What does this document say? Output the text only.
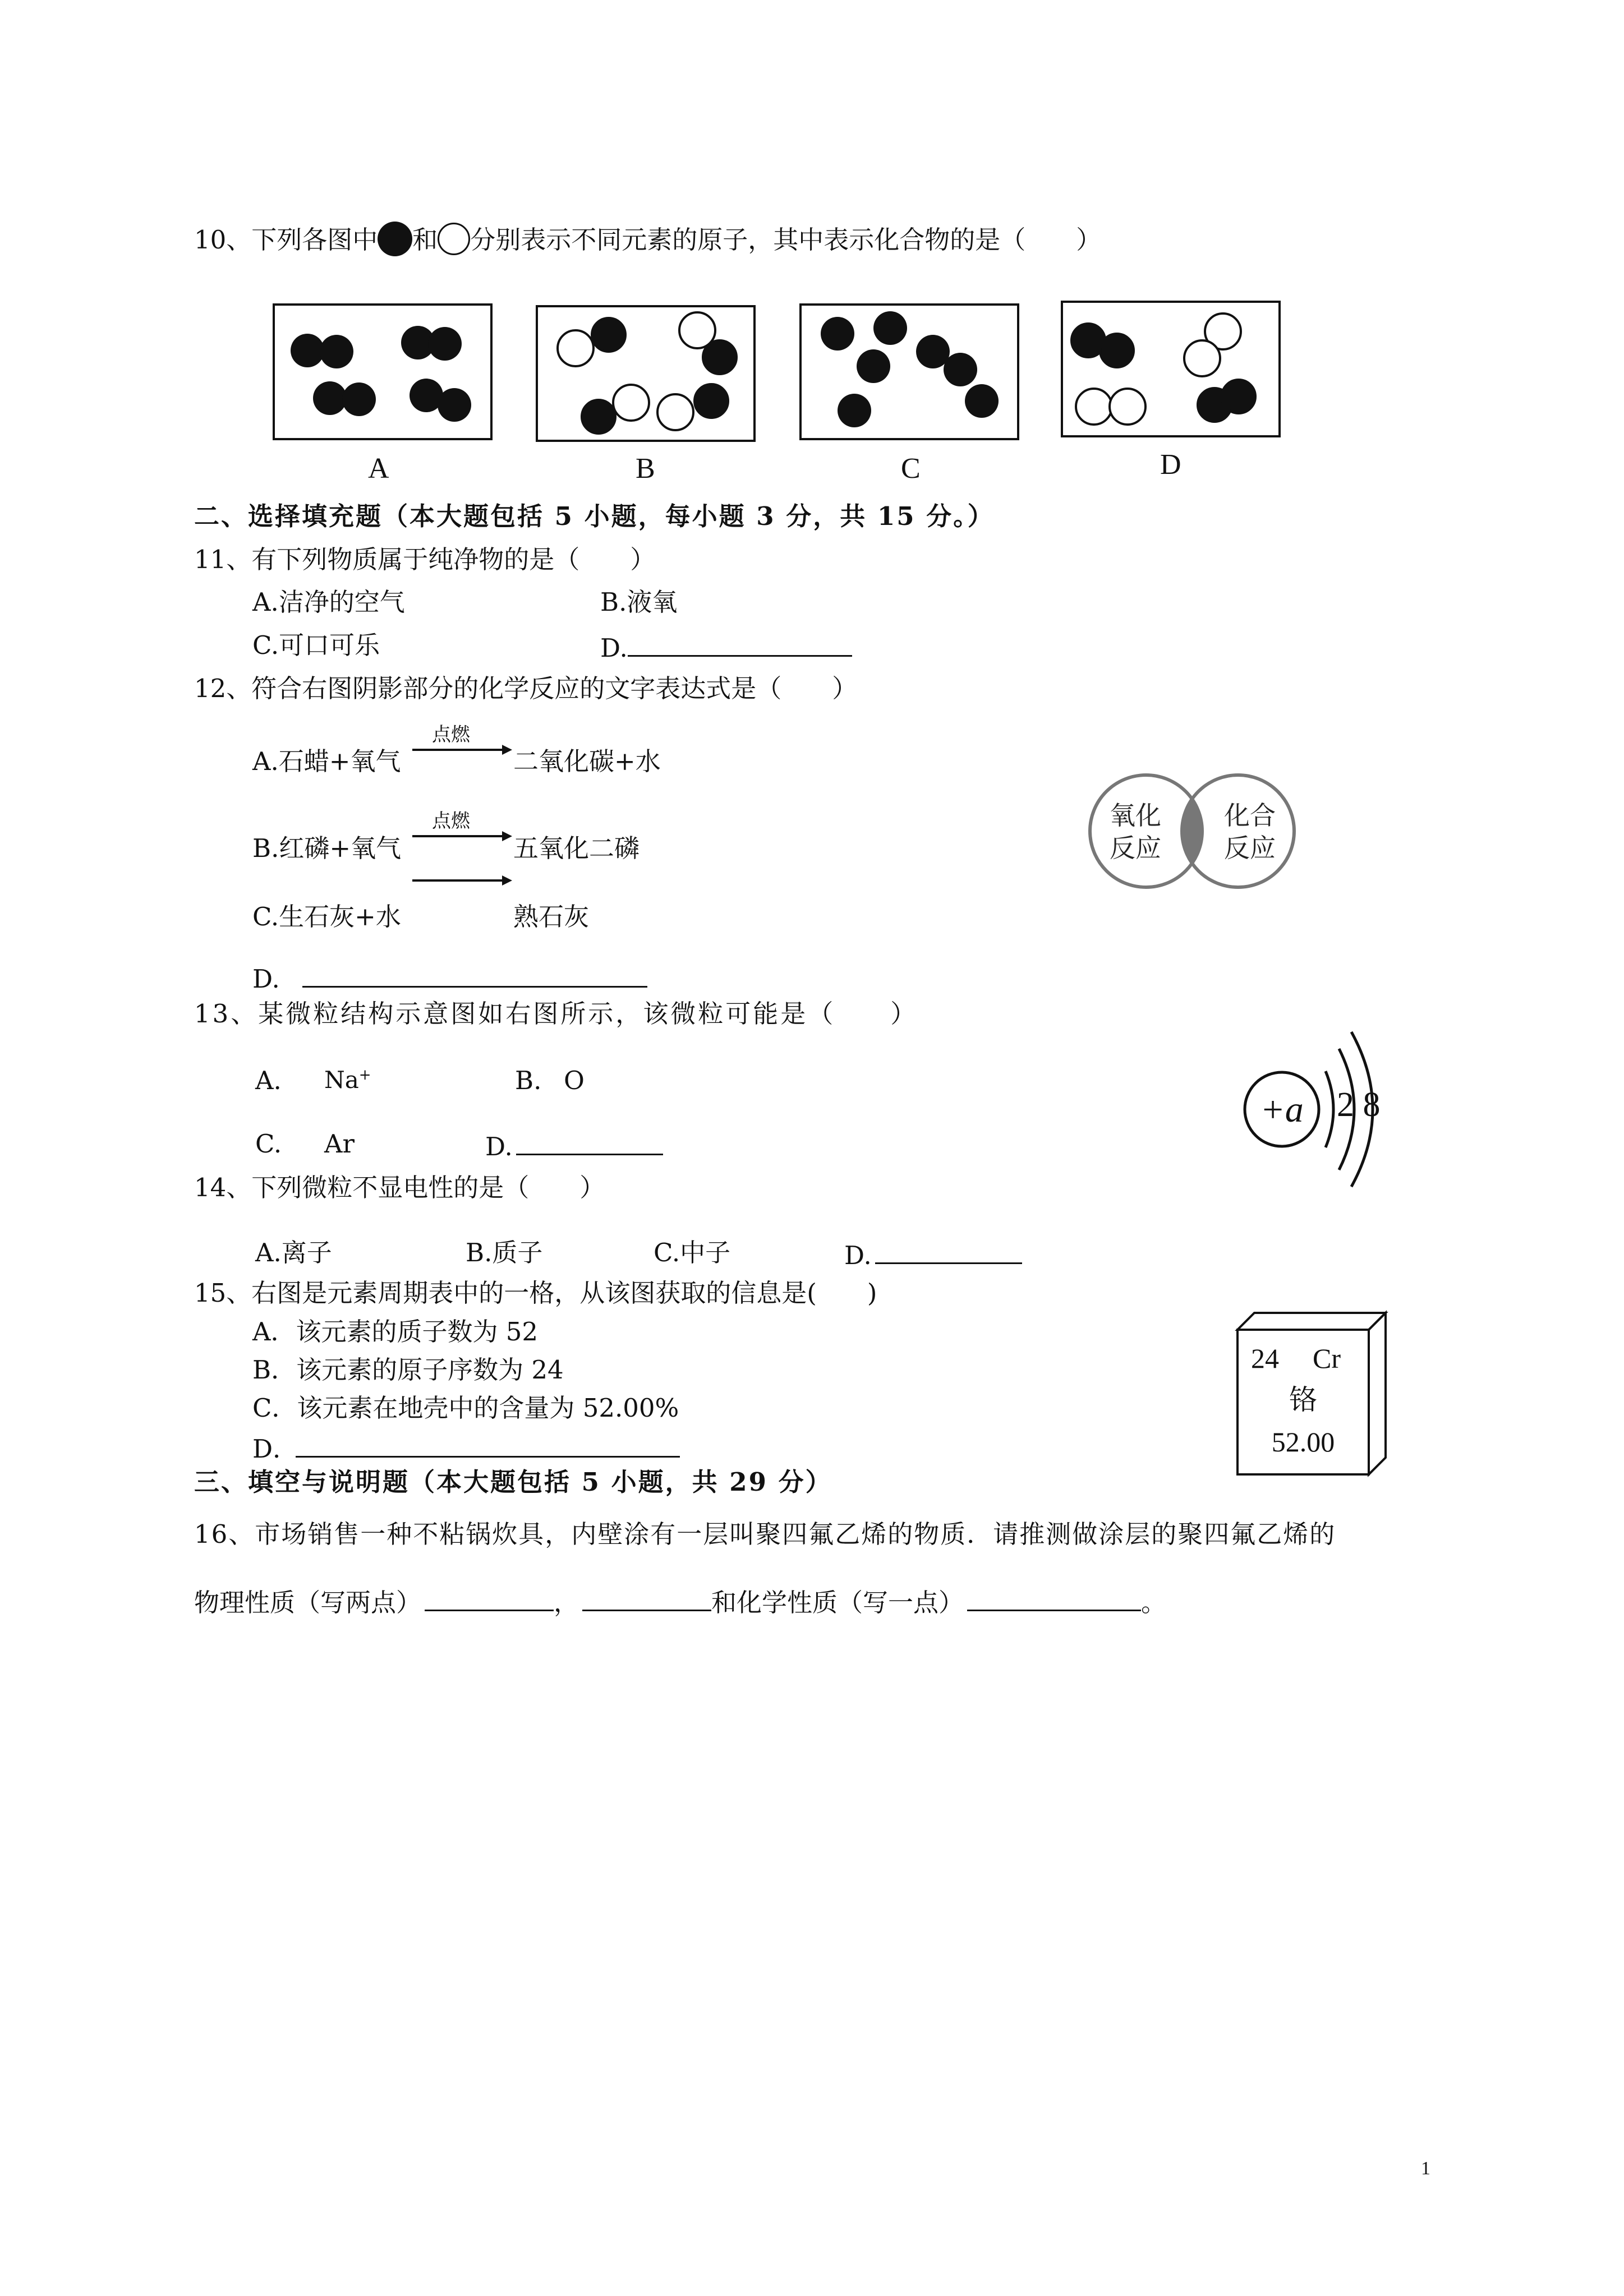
10、下列各图中 和 分别表示不同元素的原子，其中表示化合物的是（　　）
A	B	C	D
二、选择填充题（本大题包括 5 小题，每小题 3 分，共 15 分。）
11、有下列物质属于纯净物的是（　　）
A.洁净的空气	B.液氧
C.可口可乐	D.
12、符合右图阴影部分的化学反应的文字表达式是（　　）
A.石蜡+氧气
点燃
二氧化碳+水
B.红磷+氧气
点燃
五氧化二磷
C.生石灰+水	熟石灰
D.
氧化
反应
化合
反应
13、某微粒结构示意图如右图所示，该微粒可能是（　　）
A. Na+	B. O
C. Ar	D.
+a 2 8
14、下列微粒不显电性的是（　　）
A.离子	B.质子	C.中子	D.
15、右图是元素周期表中的一格，从该图获取的信息是(　　)
A．该元素的质子数为 52
B．该元素的原子序数为 24
C．该元素在地壳中的含量为 52.00%
D．
24 Cr
铬
52.00
三、填空与说明题（本大题包括 5 小题，共 29 分）
16、市场销售一种不粘锅炊具，内壁涂有一层叫聚四氟乙烯的物质．请推测做涂层的聚四氟乙烯的
物理性质（写两点）	，	和化学性质（写一点）	。
1
